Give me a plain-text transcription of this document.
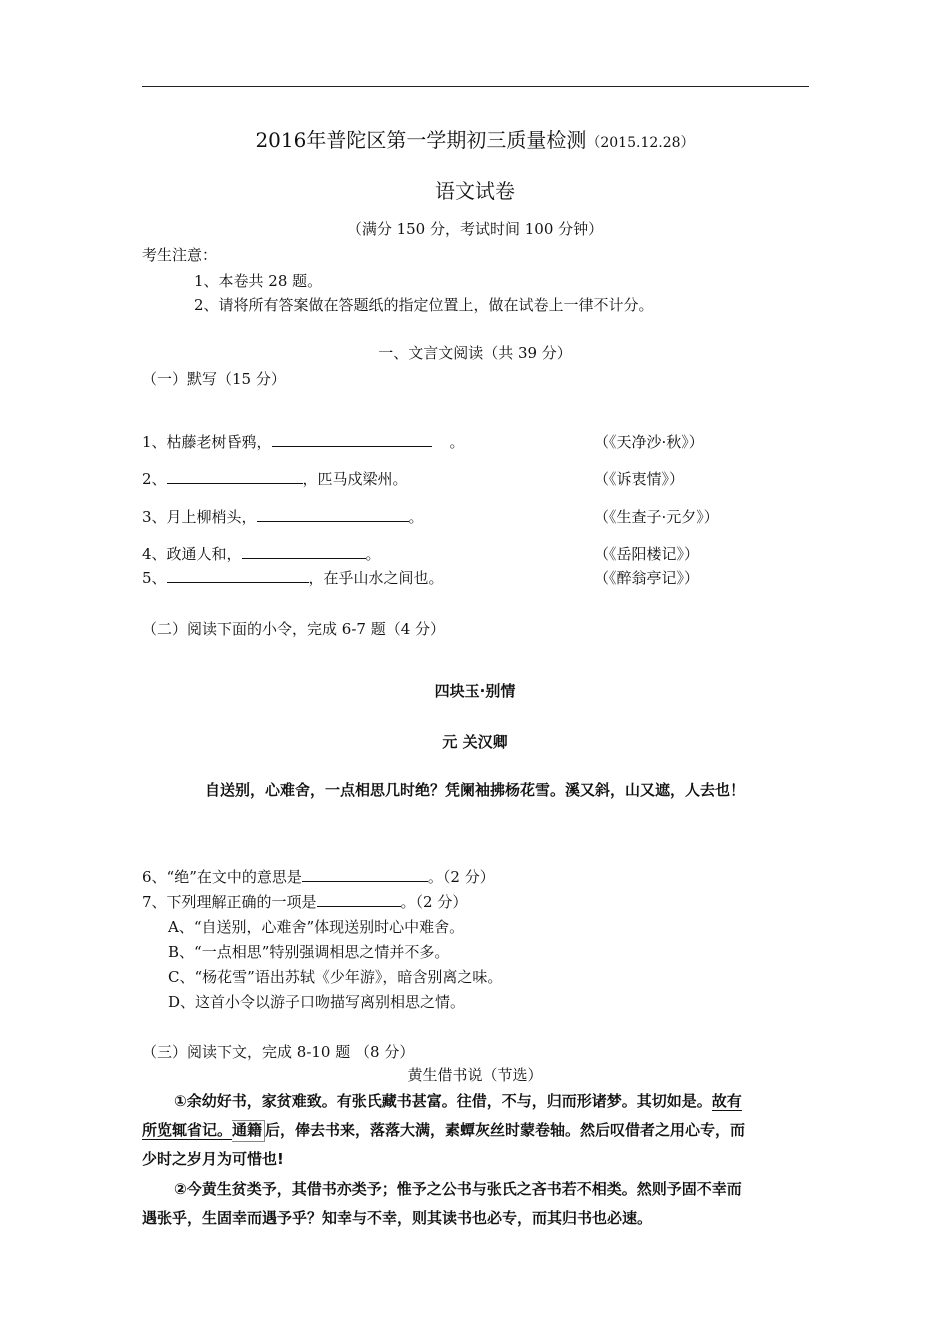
2016年普陀区第一学期初三质量检测（2015.12.28）
语文试卷
（满分 150 分，考试时间 100 分钟）
考生注意：
1、本卷共 28 题。
2、请将所有答案做在答题纸的指定位置上，做在试卷上一律不计分。
一、文言文阅读（共 39 分）
（一）默写（15 分）
1、枯藤老树昏鸦，	。	（《天净沙·秋》）
2、	，匹马戍梁州。	（《诉衷情》）
3、月上柳梢头，	。	（《生查子·元夕》）
4、政通人和，	。	（《岳阳楼记》）
5、	，在乎山水之间也。	（《醉翁亭记》）
（二）阅读下面的小令，完成 6-7 题（4 分）
四块玉·别情
元 关汉卿
自送别，心难舍，一点相思几时绝？凭阑袖拂杨花雪。溪又斜，山又遮，人去也！
6、“绝”在文中的意思是	。（2 分）
7、下列理解正确的一项是	。（2 分）
A、“自送别，心难舍”体现送别时心中难舍。
B、“一点相思”特别强调相思之情并不多。
C、“杨花雪”语出苏轼《少年游》，暗含别离之味。
D、这首小令以游子口吻描写离别相思之情。
（三）阅读下文，完成 8-10 题 （8 分）
黄生借书说（节选）
①余幼好书，家贫难致。有张氏藏书甚富。往借，不与，归而形诸梦。其切如是。故有
所览辄省记。通籍 后，俸去书来，落落大满，素蟫灰丝时蒙卷轴。然后叹借者之用心专，而
少时之岁月为可惜也!
②今黄生贫类予，其借书亦类予；惟予之公书与张氏之吝书若不相类。然则予固不幸而
遇张乎，生固幸而遇予乎？知幸与不幸，则其读书也必专，而其归书也必速。
